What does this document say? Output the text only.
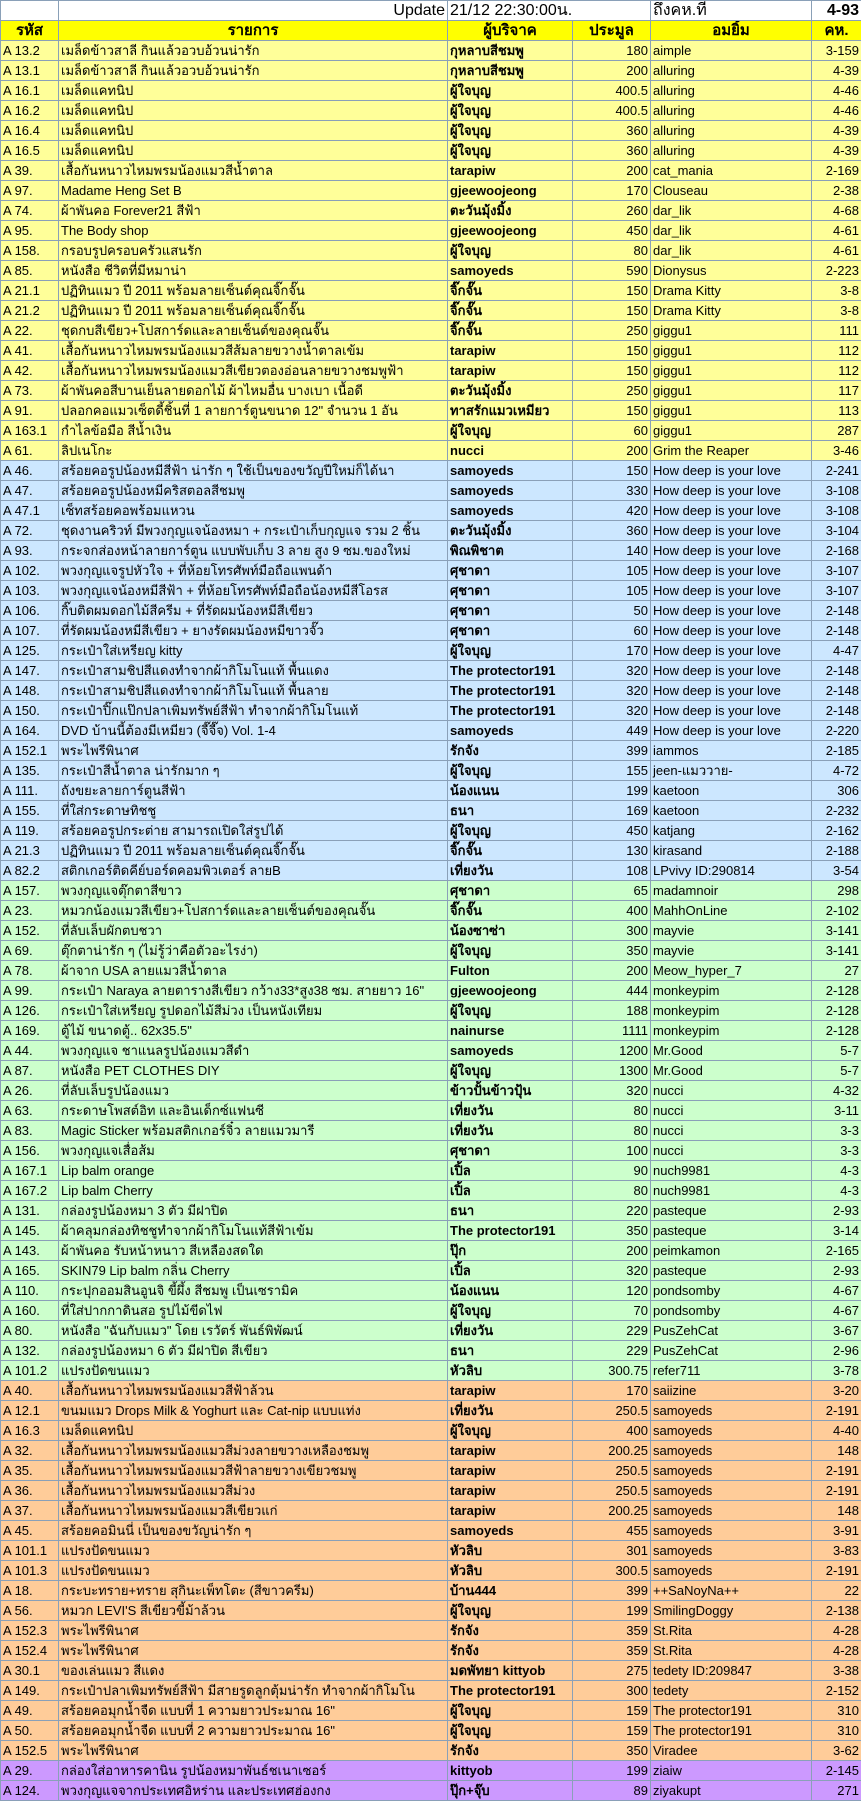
	Update	21/12 22:30:00น.		ถึงคห.ที่	4-93
รหัส	รายการ	ผู้บริจาค	ประมูล	อมยิ้ม	คห.
A 13.2	เมล็ดข้าวสาลี กินแล้วอวบอ้วนน่ารัก	กุหลาบสีชมพู	180	aimple	3-159
A 13.1	เมล็ดข้าวสาลี กินแล้วอวบอ้วนน่ารัก	กุหลาบสีชมพู	200	alluring	4-39
A 16.1	เมล็ดแคทนิป	ผู้ใจบุญ	400.5	alluring	4-46
A 16.2	เมล็ดแคทนิป	ผู้ใจบุญ	400.5	alluring	4-46
A 16.4	เมล็ดแคทนิป	ผู้ใจบุญ	360	alluring	4-39
A 16.5	เมล็ดแคทนิป	ผู้ใจบุญ	360	alluring	4-39
A 39.	เสื้อกันหนาวไหมพรมน้องแมวสีน้ำตาล	tarapiw	200	cat_mania	2-169
A 97.	Madame Heng Set B	gjeewoojeong	170	Clouseau	2-38
A 74.	ผ้าพันคอ Forever21 สีฟ้า	ตะวันมุ้งมิ้ง	260	dar_lik	4-68
A 95.	The Body shop	gjeewoojeong	450	dar_lik	4-61
A 158.	กรอบรูปครอบครัวแสนรัก	ผู้ใจบุญ	80	dar_lik	4-61
A 85.	หนังสือ ชีวิตที่มีหมาน่า	samoyeds	590	Dionysus	2-223
A 21.1	ปฏิทินแมว ปี 2011 พร้อมลายเซ็นต์คุณจิ๊กจั๊น	จิ๊กจั๊น	150	Drama Kitty	3-8
A 21.2	ปฏิทินแมว ปี 2011 พร้อมลายเซ็นต์คุณจิ๊กจั๊น	จิ๊กจั๊น	150	Drama Kitty	3-8
A 22.	ชุดกบสีเขียว+โปสการ์ดและลายเซ็นต์ของคุณจั๊น	จิ๊กจั๊น	250	giggu1	111
A 41.	เสื้อกันหนาวไหมพรมน้องแมวสีส้มลายขวางน้ำตาลเข้ม	tarapiw	150	giggu1	112
A 42.	เสื้อกันหนาวไหมพรมน้องแมวสีเขียวตองอ่อนลายขวางชมพูฟ้า	tarapiw	150	giggu1	112
A 73.	ผ้าพันคอสีบานเย็นลายดอกไม้ ผ้าไหมอื่น บางเบา เนื้อดี	ตะวันมุ้งมิ้ง	250	giggu1	117
A 91.	ปลอกคอแมวเซ็ตดี้ชิ้นที่ 1 ลายการ์ตูนขนาด 12" จำนวน 1 อัน	ทาสรักแมวเหมียว	150	giggu1	113
A 163.1	กำไลข้อมือ สีน้ำเงิน	ผู้ใจบุญ	60	giggu1	287
A 61.	ลิปเนโกะ	nucci	200	Grim the Reaper	3-46
A 46.	สร้อยคอรูปน้องหมีสีฟ้า น่ารัก ๆ ใช้เป็นของขวัญปีใหม่ก็ได้นา	samoyeds	150	How deep is your love	2-241
A 47.	สร้อยคอรูปน้องหมีคริสตอลสีชมพู	samoyeds	330	How deep is your love	3-108
A 47.1	เซ็ทสร้อยคอพร้อมแหวน	samoyeds	420	How deep is your love	3-108
A 72.	ชุดงานคริวท์ มีพวงกุญแจน้องหมา + กระเป๋าเก็บกุญแจ รวม 2 ชิ้น	ตะวันมุ้งมิ้ง	360	How deep is your love	3-104
A 93.	กระจกส่องหน้าลายการ์ตูน แบบพับเก็บ 3 ลาย สูง 9 ซม.ของใหม่	พิณพิชาต	140	How deep is your love	2-168
A 102.	พวงกุญแจรูปหัวใจ + ที่ห้อยโทรศัพท์มือถือแพนด้า	ศุชาดา	105	How deep is your love	3-107
A 103.	พวงกุญแจน้องหมีสีฟ้า + ที่ห้อยโทรศัพท์มือถือน้องหมีสีโอรส	ศุชาดา	105	How deep is your love	3-107
A 106.	กิ๊บติดผมดอกไม้สีครีม + ที่รัดผมน้องหมีสีเขียว	ศุชาดา	50	How deep is your love	2-148
A 107.	ที่รัดผมน้องหมีสีเขียว + ยางรัดผมน้องหมีขาวจั๊ว	ศุชาดา	60	How deep is your love	2-148
A 125.	กระเป๋าใส่เหรียญ kitty	ผู้ใจบุญ	170	How deep is your love	4-47
A 147.	กระเป๋าสามชิปสีแดงทำจากผ้ากิโมโนแท้ พื้นแดง	The protector191	320	How deep is your love	2-148
A 148.	กระเป๋าสามชิปสีแดงทำจากผ้ากิโมโนแท้ พื้นลาย	The protector191	320	How deep is your love	2-148
A 150.	กระเป๋าปิ๊กแป๊กปลาเพิมทรัพย์สีฟ้า ทำจากผ้ากิโมโนแท้	The protector191	320	How deep is your love	2-148
A 164.	DVD บ้านนี้ต้องมีเหมียว (จี๊จี๊จ) Vol. 1-4	samoyeds	449	How deep is your love	2-220
A 152.1	พระไพรีพินาศ	รักจัง	399	iammos	2-185
A 135.	กระเป๋าสีน้ำตาล น่ารักมาก ๆ	ผู้ใจบุญ	155	jeen-แมววาย-	4-72
A 111.	ถังขยะลายการ์ตูนสีฟ้า	น้องแนน	199	kaetoon	306
A 155.	ที่ใส่กระดาษทิชชู	ธนา	169	kaetoon	2-232
A 119.	สร้อยคอรูปกระต่าย สามารถเปิดใส่รูปได้	ผู้ใจบุญ	450	katjang	2-162
A 21.3	ปฏิทินแมว ปี 2011 พร้อมลายเซ็นต์คุณจิ๊กจั๊น	จิ๊กจั๊น	130	kirasand	2-188
A 82.2	สติกเกอร์ติดคีย์บอร์ดคอมพิวเตอร์ ลายB	เที่ยงวัน	108	LPvivy ID:290814	3-54
A 157.	พวงกุญแจตุ๊กตาสีขาว	ศุชาดา	65	madamnoir	298
A 23.	หมวกน้องแมวสีเขียว+โปสการ์ดและลายเซ็นต์ของคุณจั๊น	จิ๊กจั๊น	400	MahhOnLine	2-102
A 152.	ที่ลับเล็บผักตบชวา	น้องซาซ่า	300	mayvie	3-141
A 69.	ตุ๊กตาน่ารัก ๆ (ไม่รู้ว่าคือตัวอะไรง่า)	ผู้ใจบุญ	350	mayvie	3-141
A 78.	ผ้าจาก USA ลายแมวสีน้ำตาล	Fulton	200	Meow_hyper_7	27
A 99.	กระเป๋า Naraya ลายตารางสีเขียว กว้าง33*สูง38 ซม. สายยาว 16"	gjeewoojeong	444	monkeypim	2-128
A 126.	กระเป๋าใส่เหรียญ รูปดอกไม้สีม่วง เป็นหนังเทียม	ผู้ใจบุญ	188	monkeypim	2-128
A 169.	ตู้ไม้ ขนาดตู้.. 62x35.5"	nainurse	1111	monkeypim	2-128
A 44.	พวงกุญแจ ชาแนลรูปน้องแมวสีดำ	samoyeds	1200	Mr.Good	5-7
A 87.	หนังสือ PET CLOTHES DIY	ผู้ใจบุญ	1300	Mr.Good	5-7
A 26.	ที่ลับเล็บรูปน้องแมว	ข้าวปั้นข้าวปุ้น	320	nucci	4-32
A 63.	กระดาษโพสต์อิท และอินเด็กซ์แฟนซี	เที่ยงวัน	80	nucci	3-11
A 83.	Magic Sticker พร้อมสติกเกอร์จิ๋ว ลายแมวมารี	เที่ยงวัน	80	nucci	3-3
A 156.	พวงกุญแจเสื่อส้ม	ศุชาดา	100	nucci	3-3
A 167.1	Lip balm orange	เปิ้ล	90	nuch9981	4-3
A 167.2	Lip balm Cherry	เปิ้ล	80	nuch9981	4-3
A 131.	กล่องรูปน้องหมา 3 ตัว มีฝาปิด	ธนา	220	pasteque	2-93
A 145.	ผ้าคลุมกล่องทิชชูทำจากผ้ากิโมโนแท้สีฟ้าเข้ม	The protector191	350	pasteque	3-14
A 143.	ผ้าพันคอ รับหน้าหนาว สีเหลืองสดใด	ปุ๊ก	200	peimkamon	2-165
A 165.	SKIN79 Lip balm กลิ่น Cherry	เปิ้ล	320	pasteque	2-93
A 110.	กระปุกออมสินอูนจิ ขี้ผึ้ง สีชมพู เป็นเซรามิค	น้องแนน	120	pondsomby	4-67
A 160.	ที่ใส่ปากกาดินสอ รูปไม้ขีดไฟ	ผู้ใจบุญ	70	pondsomby	4-67
A 80.	หนังสือ "ฉันกับแมว" โดย เรวัตร์ พันธ์พิพัฒน์	เที่ยงวัน	229	PusZehCat	3-67
A 132.	กล่องรูปน้องหมา 6 ตัว มีฝาปิด สีเขียว	ธนา	229	PusZehCat	2-96
A 101.2	แปรงปัดขนแมว	หัวลิบ	300.75	refer711	3-78
A 40.	เสื้อกันหนาวไหมพรมน้องแมวสีฟ้าล้วน	tarapiw	170	saiizine	3-20
A 12.1	ขนมแมว Drops Milk & Yoghurt และ Cat-nip แบบแท่ง	เที่ยงวัน	250.5	samoyeds	2-191
A 16.3	เมล็ดแคทนิป	ผู้ใจบุญ	400	samoyeds	4-40
A 32.	เสื้อกันหนาวไหมพรมน้องแมวสีม่วงลายขวางเหลืองชมพู	tarapiw	200.25	samoyeds	148
A 35.	เสื้อกันหนาวไหมพรมน้องแมวสีฟ้าลายขวางเขียวชมพู	tarapiw	250.5	samoyeds	2-191
A 36.	เสื้อกันหนาวไหมพรมน้องแมวสีม่วง	tarapiw	250.5	samoyeds	2-191
A 37.	เสื้อกันหนาวไหมพรมน้องแมวสีเขียวแก่	tarapiw	200.25	samoyeds	148
A 45.	สร้อยคอมินนี่ เป็นของขวัญน่ารัก ๆ	samoyeds	455	samoyeds	3-91
A 101.1	แปรงปัดขนแมว	หัวลิบ	301	samoyeds	3-83
A 101.3	แปรงปัดขนแมว	หัวลิบ	300.5	samoyeds	2-191
A 18.	กระบะทราย+ทราย สุกินะเพ็ทโตะ (สีขาวครีม)	บ้าน444	399	++SaNoyNa++	22
A 56.	หมวก LEVI'S สีเขียวขี้ม้าล้วน	ผู้ใจบุญ	199	SmilingDoggy	2-138
A 152.3	พระไพรีพินาศ	รักจัง	359	St.Rita	4-28
A 152.4	พระไพรีพินาศ	รักจัง	359	St.Rita	4-28
A 30.1	ของเล่นแมว สีแดง	มดพัทยา kittyob	275	tedety ID:209847	3-38
A 149.	กระเป๋าปลาเพิมทรัพย์สีฟ้า มีสายรูดลูกตุ้มน่ารัก ทำจากผ้ากิโมโน	The protector191	300	tedety	2-152
A 49.	สร้อยคอมุกน้ำจืด แบบที่ 1 ความยาวประมาณ 16"	ผู้ใจบุญ	159	The protector191	310
A 50.	สร้อยคอมุกน้ำจืด แบบที่ 2 ความยาวประมาณ 16"	ผู้ใจบุญ	159	The protector191	310
A 152.5	พระไพรีพินาศ	รักจัง	350	Viradee	3-62
A 29.	กล่องใส่อาหารคานิน รูปน้องหมาพันธ์ชเนาเซอร์	kittyob	199	ziaiw	2-145
A 124.	พวงกุญแจจากประเทศอิหร่าน และประเทศฮ่องกง	ปุ๊ก+จุ๊บ	89	ziyakupt	271
